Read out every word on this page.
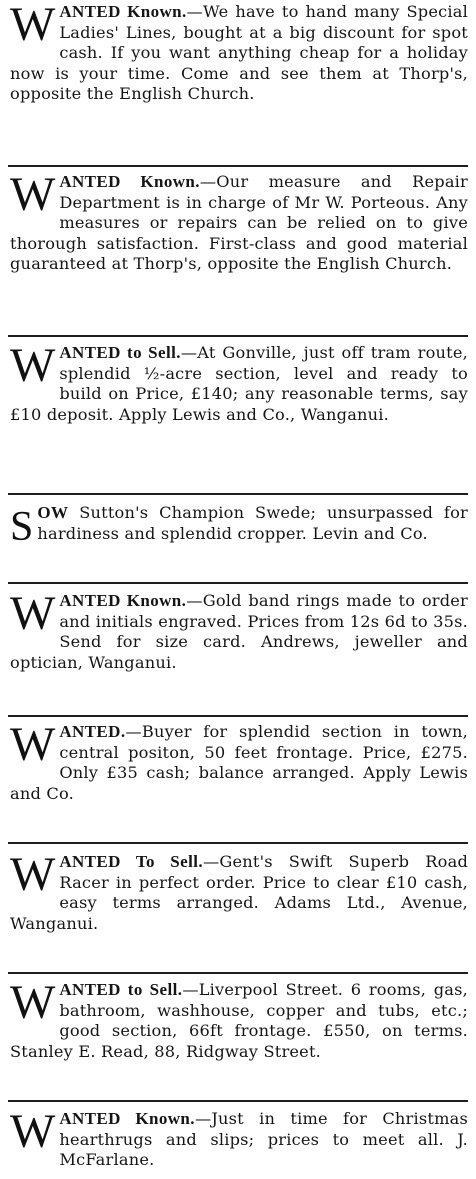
W ANTED Known.—We have to hand many Special Ladies' Lines, bought at a big discount for spot cash. If you want anything cheap for a holiday now is your time. Come and see them at Thorp's, opposite the English Church.

W ANTED Known.—Our measure and Repair Department is in charge of Mr W. Porteous. Any measures or repairs can be relied on to give thorough satisfaction. First-class and good material guaranteed at Thorp's, opposite the English Church.

W ANTED to Sell.—At Gonville, just off tram route, splendid ½-acre section, level and ready to build on Price, £140; any reasonable terms, say £10 deposit. Apply Lewis and Co., Wanganui.

S OW Sutton's Champion Swede; unsurpassed for hardiness and splendid cropper. Levin and Co.

W ANTED Known.—Gold band rings made to order and initials engraved. Prices from 12s 6d to 35s. Send for size card. Andrews, jeweller and optician, Wanganui.

W ANTED.—Buyer for splendid section in town, central positon, 50 feet frontage. Price, £275. Only £35 cash; balance arranged. Apply Lewis and Co.

W ANTED To Sell.—Gent's Swift Superb Road Racer in perfect order. Price to clear £10 cash, easy terms arranged. Adams Ltd., Avenue, Wanganui.

W ANTED to Sell.—Liverpool Street. 6 rooms, gas, bathroom, washhouse, copper and tubs, etc.; good section, 66ft frontage. £550, on terms. Stanley E. Read, 88, Ridgway Street.

W ANTED Known.—Just in time for Christmas hearthrugs and slips; prices to meet all. J. McFarlane.
